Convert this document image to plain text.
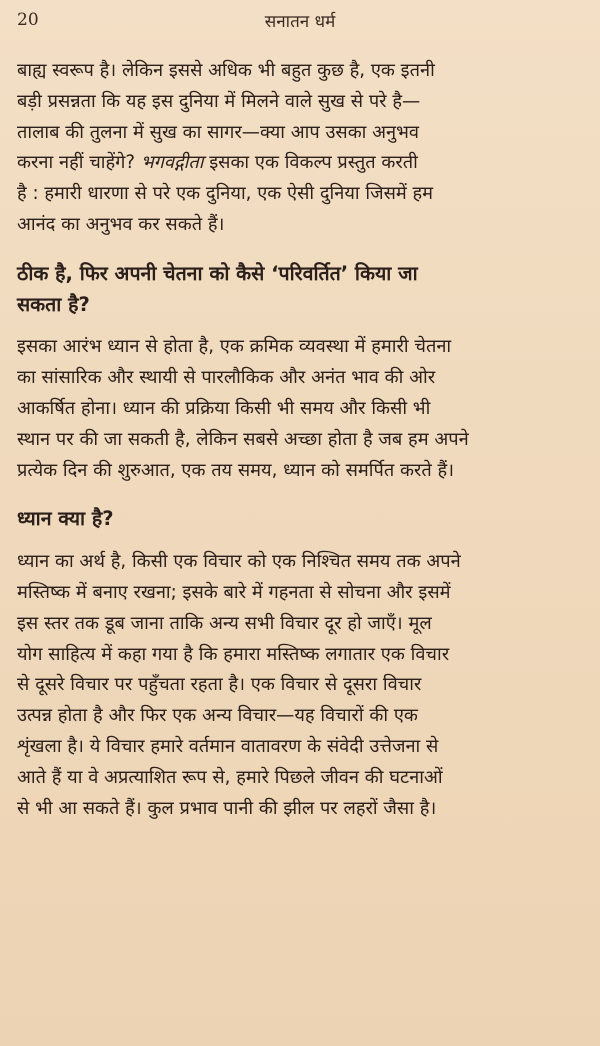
20	सनातन धर्म

बाह्य स्वरूप है। लेकिन इससे अधिक भी बहुत कुछ है, एक इतनी
बड़ी प्रसन्नता कि यह इस दुनिया में मिलने वाले सुख से परे है—
तालाब की तुलना में सुख का सागर—क्या आप उसका अनुभव
करना नहीं चाहेंगे? भगवद्गीता इसका एक विकल्प प्रस्तुत करती
है : हमारी धारणा से परे एक दुनिया, एक ऐसी दुनिया जिसमें हम
आनंद का अनुभव कर सकते हैं।

ठीक है, फिर अपनी चेतना को कैसे ‘परिवर्तित’ किया जा
सकता है?

इसका आरंभ ध्यान से होता है, एक क्रमिक व्यवस्था में हमारी चेतना
का सांसारिक और स्थायी से पारलौकिक और अनंत भाव की ओर
आकर्षित होना। ध्यान की प्रक्रिया किसी भी समय और किसी भी
स्थान पर की जा सकती है, लेकिन सबसे अच्छा होता है जब हम अपने
प्रत्येक दिन की शुरुआत, एक तय समय, ध्यान को समर्पित करते हैं।

ध्यान क्या है?

ध्यान का अर्थ है, किसी एक विचार को एक निश्चित समय तक अपने
मस्तिष्क में बनाए रखना; इसके बारे में गहनता से सोचना और इसमें
इस स्तर तक डूब जाना ताकि अन्य सभी विचार दूर हो जाएँ। मूल
योग साहित्य में कहा गया है कि हमारा मस्तिष्क लगातार एक विचार
से दूसरे विचार पर पहुँचता रहता है। एक विचार से दूसरा विचार
उत्पन्न होता है और फिर एक अन्य विचार—यह विचारों की एक
शृंखला है। ये विचार हमारे वर्तमान वातावरण के संवेदी उत्तेजना से
आते हैं या वे अप्रत्याशित रूप से, हमारे पिछले जीवन की घटनाओं
से भी आ सकते हैं। कुल प्रभाव पानी की झील पर लहरों जैसा है।
